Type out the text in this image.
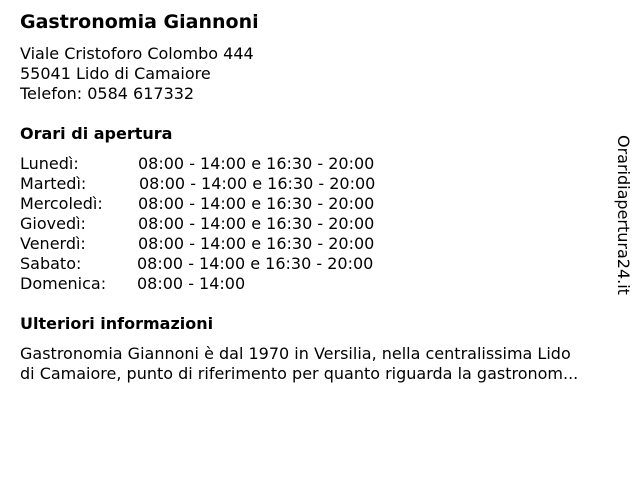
Gastronomia Giannoni
Viale Cristoforo Colombo 444
55041 Lido di Camaiore
Telefon: 0584 617332
Orari di apertura
Lunedì:	08:00 - 14:00 e 16:30 - 20:00
Martedì:	08:00 - 14:00 e 16:30 - 20:00
Mercoledì: 08:00 - 14:00 e 16:30 - 20:00
Giovedì:	08:00 - 14:00 e 16:30 - 20:00
Venerdì:	08:00 - 14:00 e 16:30 - 20:00
Sabato:	08:00 - 14:00 e 16:30 - 20:00
Domenica: 08:00 - 14:00
Ulteriori informazioni
Gastronomia Giannoni è dal 1970 in Versilia, nella centralissima Lido
di Camaiore, punto di riferimento per quanto riguarda la gastronom...
Oraridiapertura24.it
